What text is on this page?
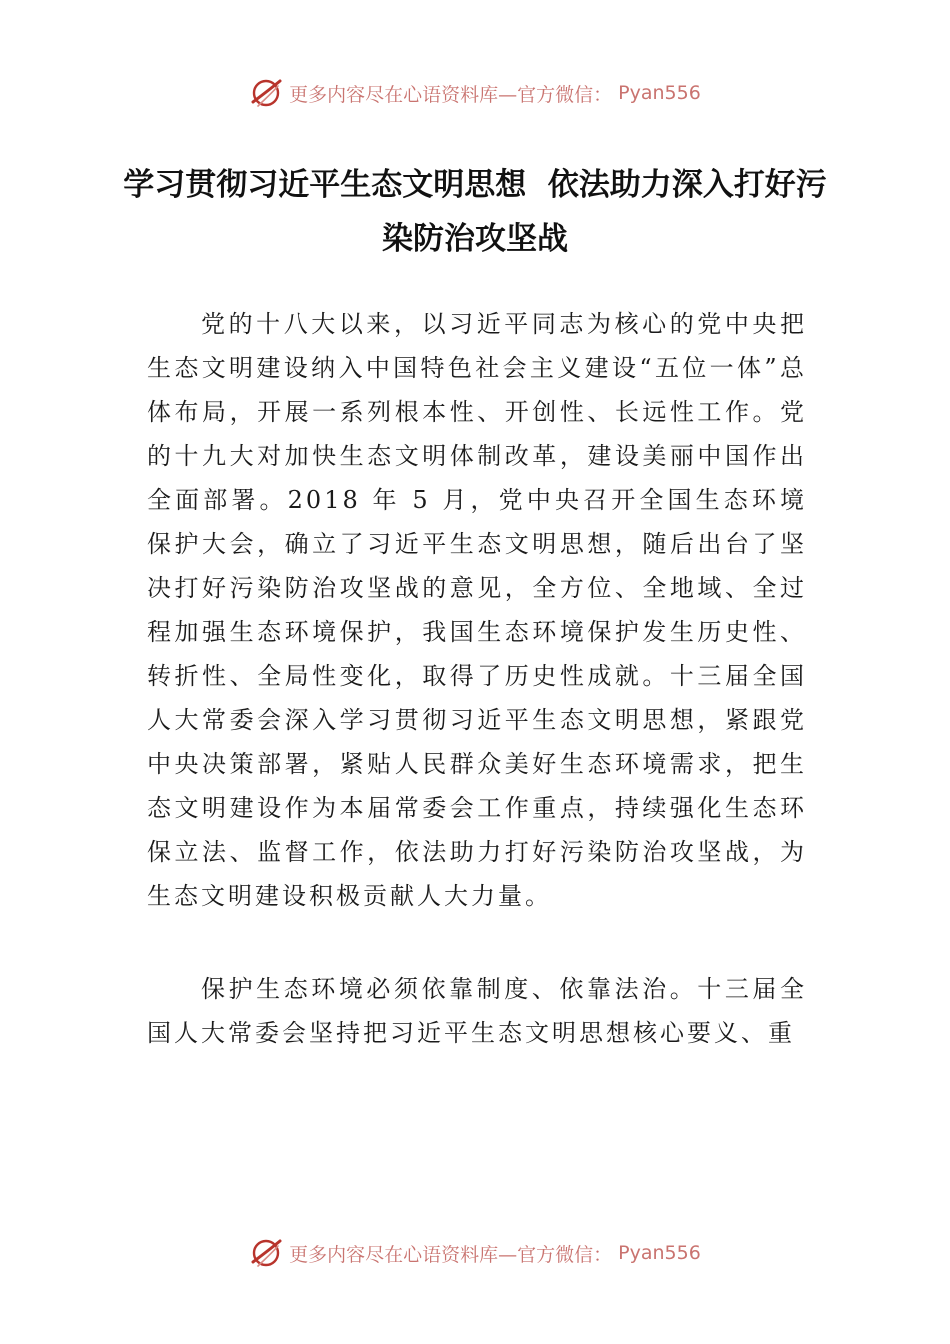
更多内容尽在心语资料库—官方微信： Pyan556
学习贯彻习近平生态文明思想  依法助力深入打好污染防治攻坚战

党的十八大以来，以习近平同志为核心的党中央把生态文明建设纳入中国特色社会主义建设“五位一体”总体布局，开展一系列根本性、开创性、长远性工作。党的十九大对加快生态文明体制改革，建设美丽中国作出全面部署。2018 年 5 月，党中央召开全国生态环境保护大会，确立了习近平生态文明思想，随后出台了坚决打好污染防治攻坚战的意见，全方位、全地域、全过程加强生态环境保护，我国生态环境保护发生历史性、转折性、全局性变化，取得了历史性成就。十三届全国人大常委会深入学习贯彻习近平生态文明思想，紧跟党中央决策部署，紧贴人民群众美好生态环境需求，把生态文明建设作为本届常委会工作重点，持续强化生态环保立法、监督工作，依法助力打好污染防治攻坚战，为生态文明建设积极贡献人大力量。

保护生态环境必须依靠制度、依靠法治。十三届全国人大常委会坚持把习近平生态文明思想核心要义、重

更多内容尽在心语资料库—官方微信： Pyan556
